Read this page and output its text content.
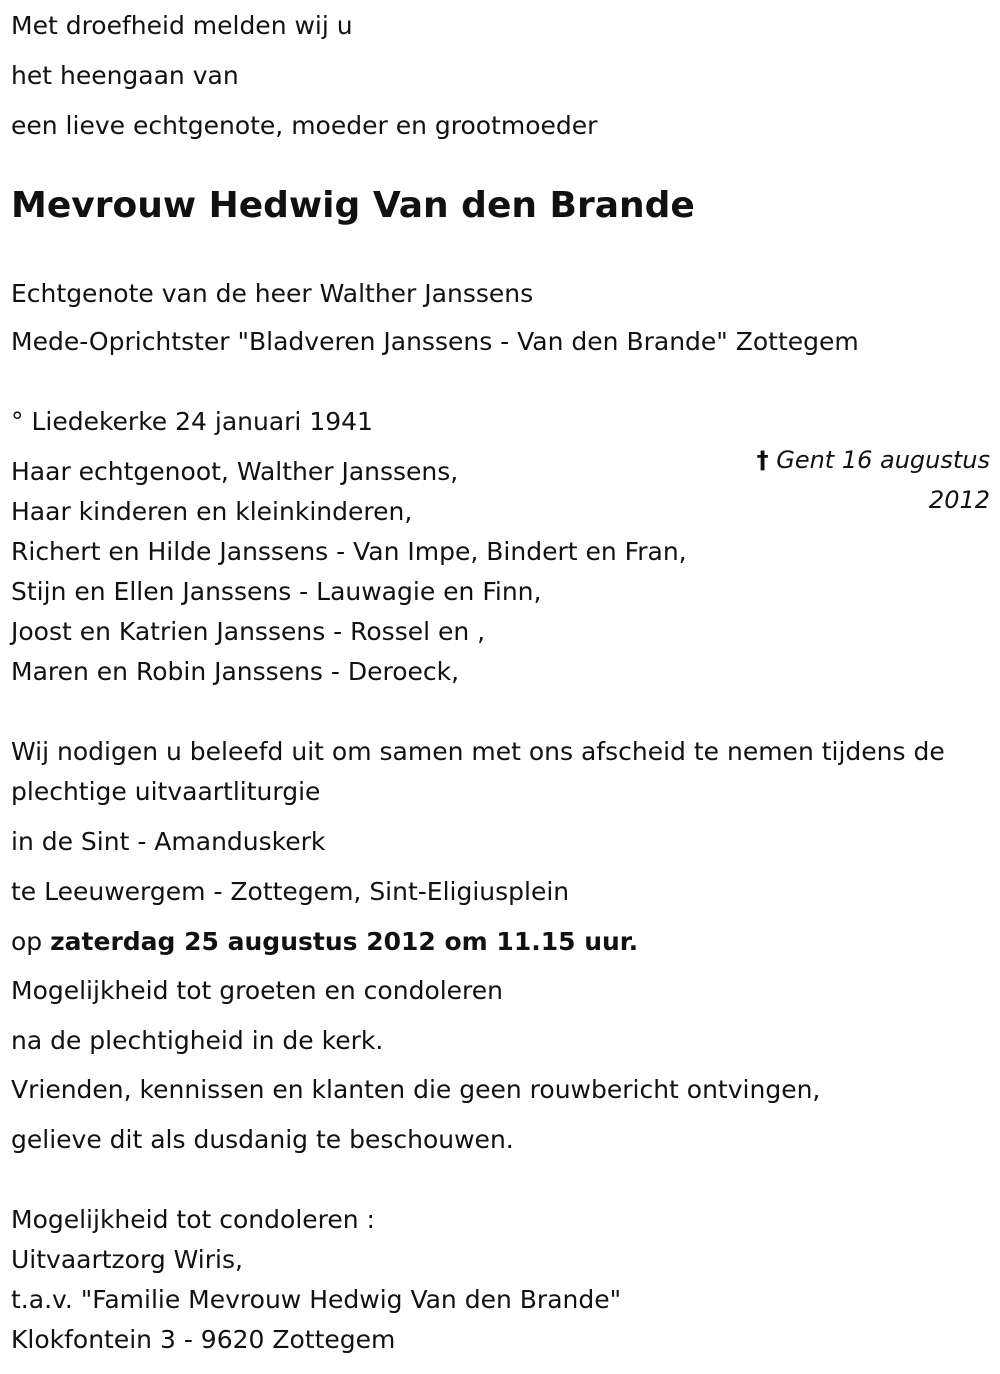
Met droefheid melden wij u

het heengaan van

een lieve echtgenote, moeder en grootmoeder

Mevrouw Hedwig Van den Brande

Echtgenote van de heer Walther Janssens

Mede-Oprichtster "Bladveren Janssens - Van den Brande" Zottegem

° Liedekerke 24 januari 1941

† Gent 16 augustus 2012

Haar echtgenoot, Walther Janssens,

Haar kinderen en kleinkinderen,

Richert en Hilde Janssens - Van Impe, Bindert en Fran,

Stijn en Ellen Janssens - Lauwagie en Finn,

Joost en Katrien Janssens - Rossel en ,

Maren en Robin Janssens - Deroeck,

Wij nodigen u beleefd uit om samen met ons afscheid te nemen tijdens de plechtige uitvaartliturgie

in de Sint - Amanduskerk

te Leeuwergem - Zottegem, Sint-Eligiusplein

op zaterdag 25 augustus 2012 om 11.15 uur.

Mogelijkheid tot groeten en condoleren

na de plechtigheid in de kerk.

Vrienden, kennissen en klanten die geen rouwbericht ontvingen,

gelieve dit als dusdanig te beschouwen.

Mogelijkheid tot condoleren :

Uitvaartzorg Wiris,

t.a.v. "Familie Mevrouw Hedwig Van den Brande"

Klokfontein 3 - 9620 Zottegem
